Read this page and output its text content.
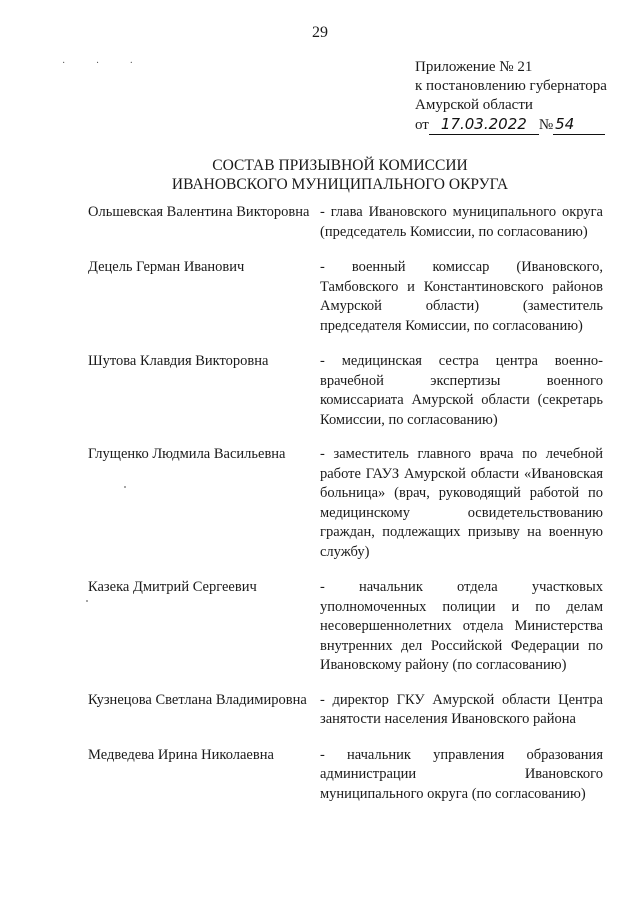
29
· · ·	Приложение № 21
к постановлению губернатора
Амурской области
от 17.03.2022 № 54
СОСТАВ ПРИЗЫВНОЙ КОМИССИИ
ИВАНОВСКОГО МУНИЦИПАЛЬНОГО ОКРУГА
Ольшевская Валентина Викторовна - глава Ивановского муниципального округа (председатель Комиссии, по согласованию)
Децель Герман Иванович	- военный комиссар (Ивановского, Тамбовского и Константиновского районов Амурской области) (заместитель председателя Комиссии, по согласованию)
Шутова Клавдия Викторовна	- медицинская сестра центра военно-врачебной экспертизы военного комиссариата Амурской области (секретарь Комиссии, по согласованию)
Глущенко Людмила Васильевна	- заместитель главного врача по лечебной работе ГАУЗ Амурской области «Ивановская больница» (врач, руководящий работой по медицинскому освидетельствованию граждан, подлежащих призыву на военную службу)
Казека Дмитрий Сергеевич	- начальник отдела участковых уполномоченных полиции и по делам несовершеннолетних отдела Министерства внутренних дел Российской Федерации по Ивановскому району (по согласованию)
Кузнецова Светлана Владимировна - директор ГКУ Амурской области Центра занятости населения Ивановского района
Медведева Ирина Николаевна	- начальник управления образования администрации Ивановского муниципального округа (по согласованию)
